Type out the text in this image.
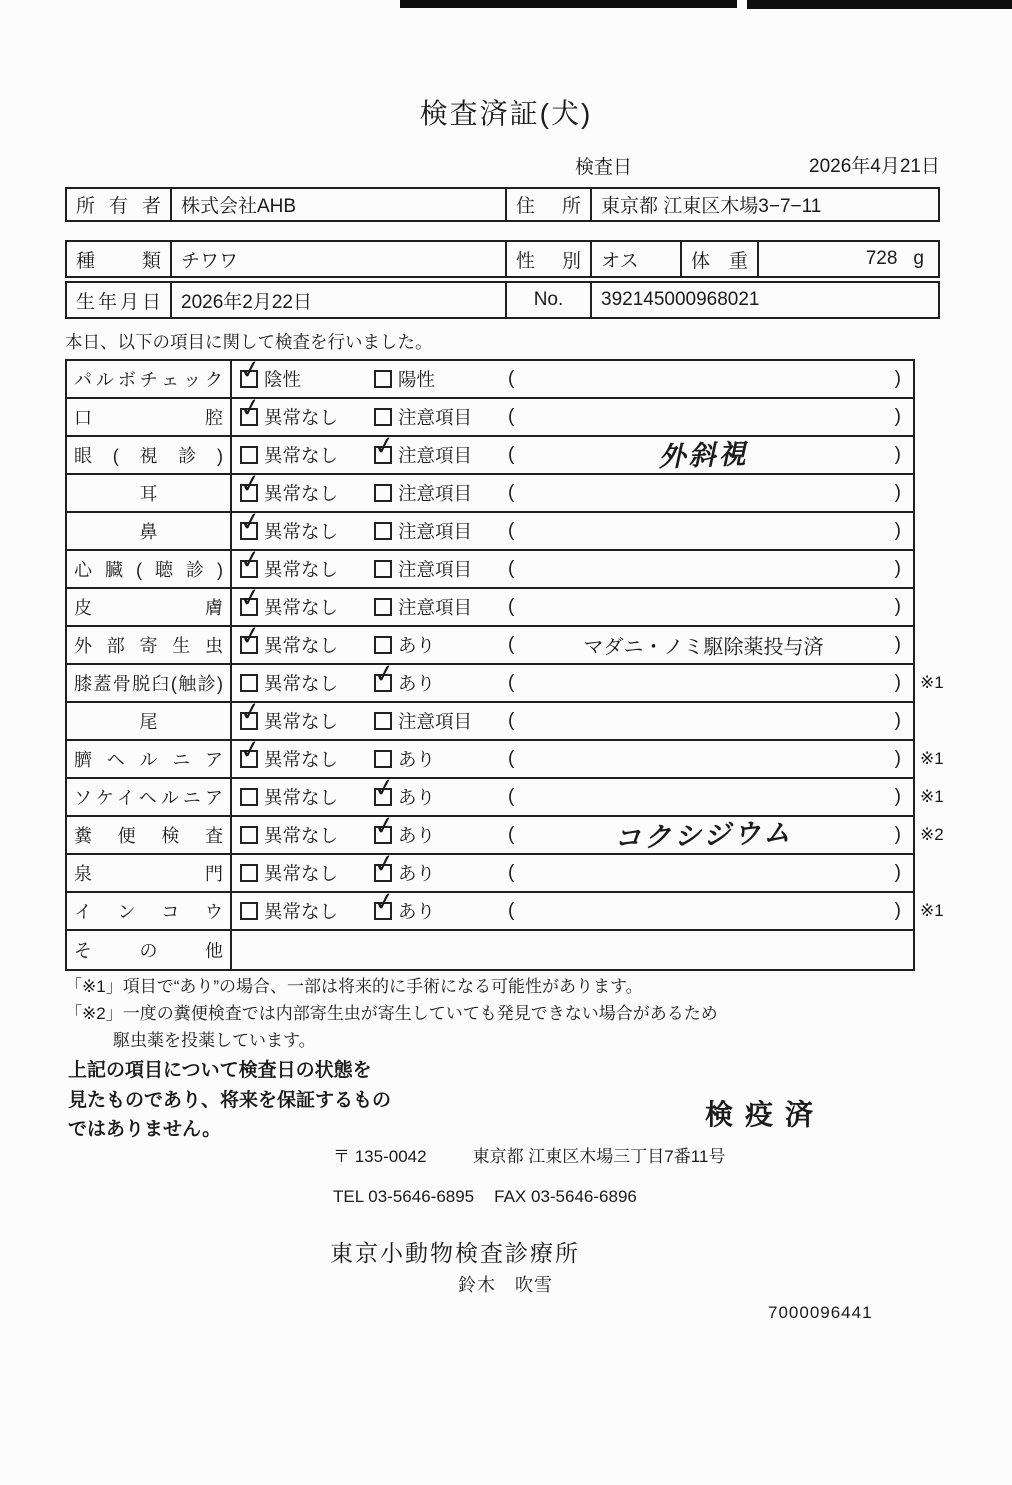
検査済証(犬)
検査日	2026年4月21日
所有者 株式会社AHB	住所 東京都 江東区木場3−7−11
種類 チワワ	性別 オス	体重	728 g
生年月日 2026年2月22日	No. 392145000968021
本日、以下の項目に関して検査を行いました。
パルボチェック ✓ 陰性	陽性	(	)
口腔 ✓ 異常なし	注意項目 (	)
眼(視診) 異常なし ✓ 注意項目 (	外斜視	)
耳	✓ 異常なし	注意項目 (	)
鼻	✓ 異常なし	注意項目 (	)
心臓(聴診) ✓ 異常なし	注意項目 (	)
皮膚 ✓ 異常なし	注意項目 (	)
外部寄生虫 ✓ 異常なし	あり	(	マダニ・ノミ駆除薬投与済	)
膝蓋骨脱臼(触診) 異常なし ✓ あり	(	) ※1
尾	✓ 異常なし	注意項目 (	)
臍ヘルニア ✓ 異常なし	あり	(	) ※1
ソケイヘルニア 異常なし ✓ あり	(	) ※1
糞便検査 異常なし ✓ あり	(	コクシジウム	) ※2
泉門 異常なし ✓ あり	(	)
インコウ 異常なし ✓ あり	(	) ※1
その他
「※1」項目で“あり”の場合、一部は将来的に手術になる可能性があります。
「※2」一度の糞便検査では内部寄生虫が寄生していても発見できない場合があるため
駆虫薬を投薬しています。
上記の項目について検査日の状態を
見たものであり、将来を保証するもの
ではありません。	検疫済
〒 135-0042	東京都 江東区木場三丁目7番11号
TEL 03-5646-6895 FAX 03-5646-6896
東京小動物検査診療所
鈴木　吹雪
7000096441
